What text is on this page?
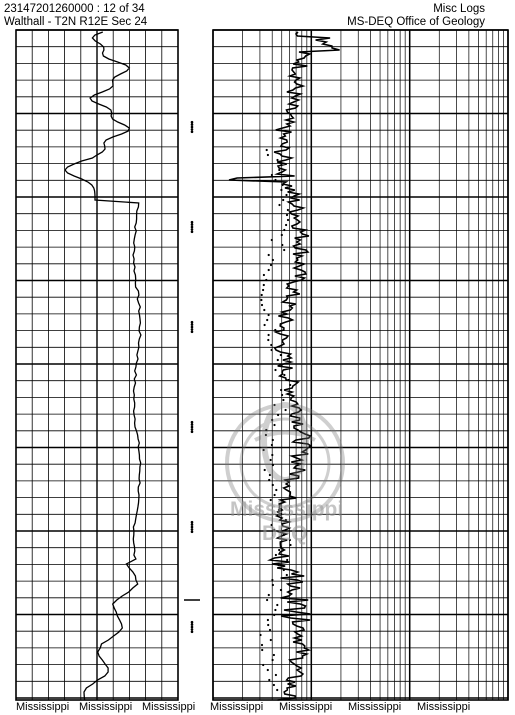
23147201260000 : 12 of 34
Walthall - T2N R12E Sec 24
Misc Logs
MS-DEQ Office of Geology
Mississippi
DEQ
Mississippi Mississippi Mississippi Mississippi Mississippi Mississippi Mississippi
